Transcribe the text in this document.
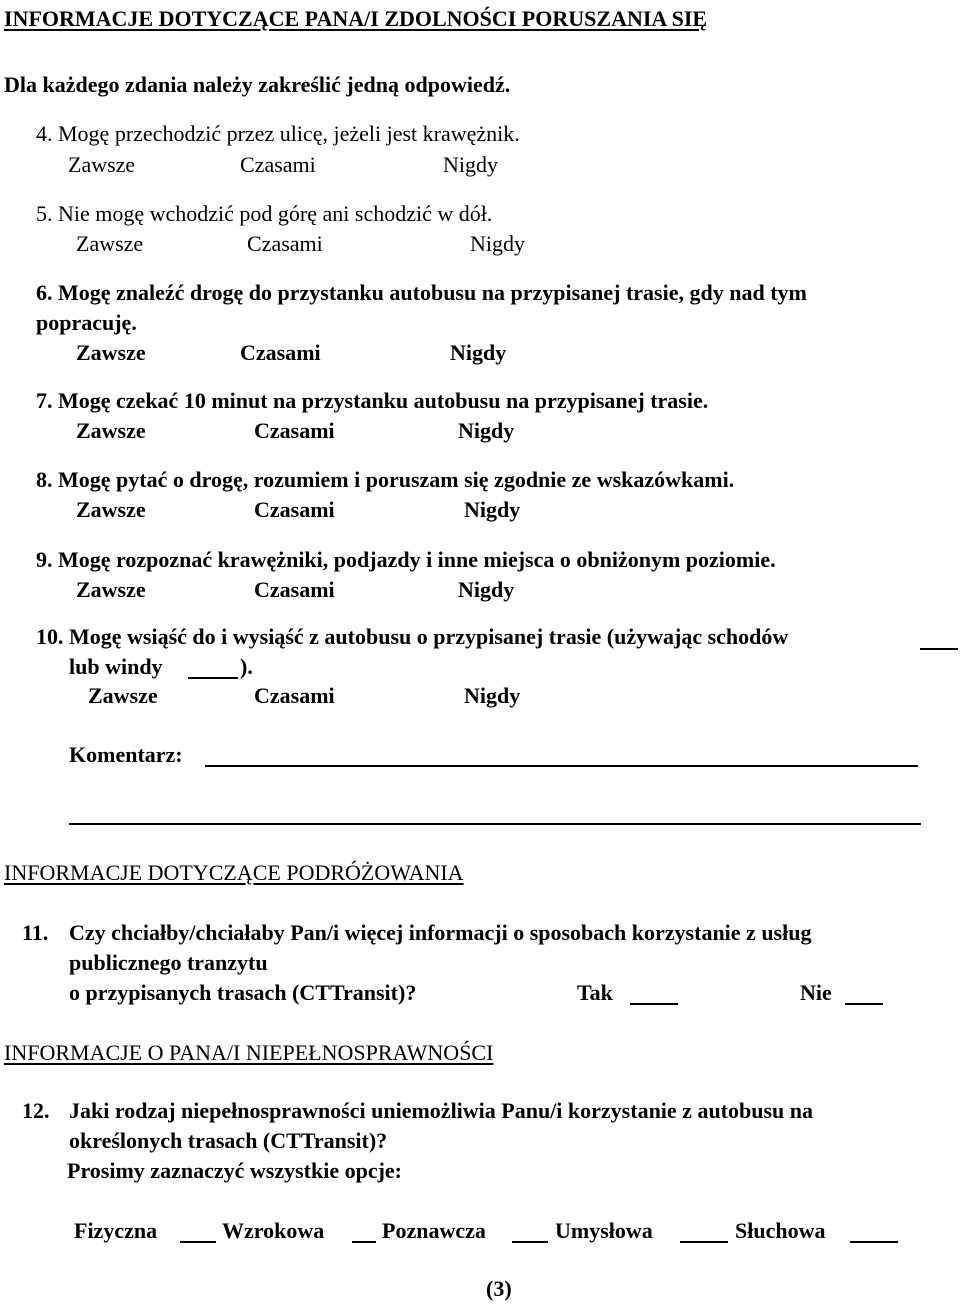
INFORMACJE DOTYCZĄCE PANA/I ZDOLNOŚCI PORUSZANIA SIĘ
Dla każdego zdania należy zakreślić jedną odpowiedź.
4. Mogę przechodzić przez ulicę, jeżeli jest krawężnik.
Zawsze	Czasami	Nigdy
5. Nie mogę wchodzić pod górę ani schodzić w dół.
Zawsze	Czasami	Nigdy
6. Mogę znaleźć drogę do przystanku autobusu na przypisanej trasie, gdy nad tym
popracuję.
Zawsze	Czasami	Nigdy
7. Mogę czekać 10 minut na przystanku autobusu na przypisanej trasie.
Zawsze	Czasami	Nigdy
8. Mogę pytać o drogę, rozumiem i poruszam się zgodnie ze wskazówkami.
Zawsze	Czasami	Nigdy
9. Mogę rozpoznać krawężniki, podjazdy i inne miejsca o obniżonym poziomie.
Zawsze	Czasami	Nigdy
10. Mogę wsiąść do i wysiąść z autobusu o przypisanej trasie (używając schodów
lub windy	).
Zawsze	Czasami	Nigdy
Komentarz:
INFORMACJE DOTYCZĄCE PODRÓŻOWANIA
11. Czy chciałby/chciałaby Pan/i więcej informacji o sposobach korzystanie z usług
publicznego tranzytu
o przypisanych trasach (CTTransit)?	Tak	Nie
INFORMACJE O PANA/I NIEPEŁNOSPRAWNOŚCI
12. Jaki rodzaj niepełnosprawności uniemożliwia Panu/i korzystanie z autobusu na
określonych trasach (CTTransit)?
Prosimy zaznaczyć wszystkie opcje:
Fizyczna	Wzrokowa	Poznawcza	Umysłowa	Słuchowa
(3)
